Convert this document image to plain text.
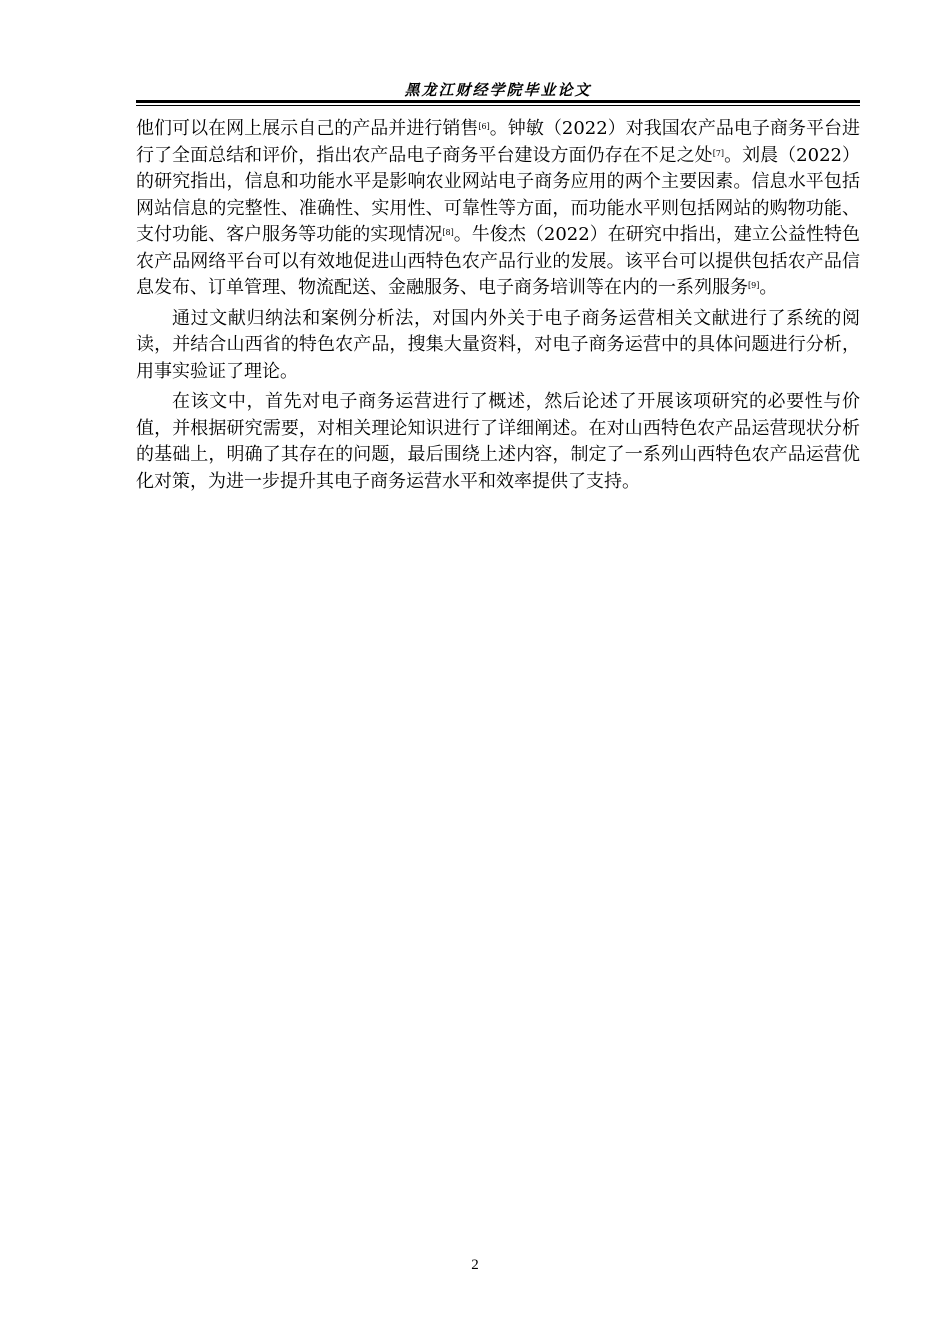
黑龙江财经学院毕业论文

他们可以在网上展示自己的产品并进行销售[6]。钟敏（2022）对我国农产品电子商务平台进行了全面总结和评价，指出农产品电子商务平台建设方面仍存在不足之处[7]。刘晨（2022）的研究指出，信息和功能水平是影响农业网站电子商务应用的两个主要因素。信息水平包括网站信息的完整性、准确性、实用性、可靠性等方面，而功能水平则包括网站的购物功能、支付功能、客户服务等功能的实现情况[8]。牛俊杰（2022）在研究中指出，建立公益性特色农产品网络平台可以有效地促进山西特色农产品行业的发展。该平台可以提供包括农产品信息发布、订单管理、物流配送、金融服务、电子商务培训等在内的一系列服务[9]。

通过文献归纳法和案例分析法，对国内外关于电子商务运营相关文献进行了系统的阅读，并结合山西省的特色农产品，搜集大量资料，对电子商务运营中的具体问题进行分析，用事实验证了理论。

在该文中，首先对电子商务运营进行了概述，然后论述了开展该项研究的必要性与价值，并根据研究需要，对相关理论知识进行了详细阐述。在对山西特色农产品运营现状分析的基础上，明确了其存在的问题，最后围绕上述内容，制定了一系列山西特色农产品运营优化对策，为进一步提升其电子商务运营水平和效率提供了支持。

2
